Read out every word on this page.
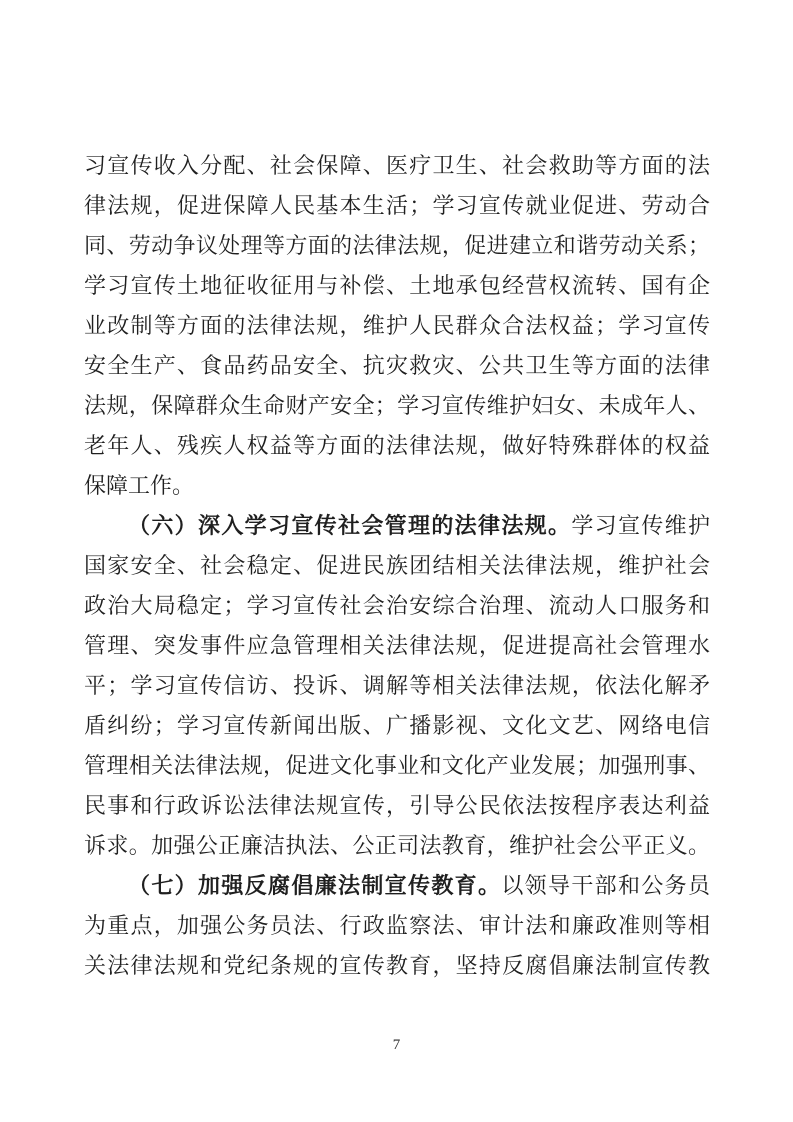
习宣传收入分配、社会保障、医疗卫生、社会救助等方面的法
律法规，促进保障人民基本生活；学习宣传就业促进、劳动合
同、劳动争议处理等方面的法律法规，促进建立和谐劳动关系；
学习宣传土地征收征用与补偿、土地承包经营权流转、国有企
业改制等方面的法律法规，维护人民群众合法权益；学习宣传
安全生产、食品药品安全、抗灾救灾、公共卫生等方面的法律
法规，保障群众生命财产安全；学习宣传维护妇女、未成年人、
老年人、残疾人权益等方面的法律法规，做好特殊群体的权益
保障工作。
（六）深入学习宣传社会管理的法律法规。学习宣传维护
国家安全、社会稳定、促进民族团结相关法律法规，维护社会
政治大局稳定；学习宣传社会治安综合治理、流动人口服务和
管理、突发事件应急管理相关法律法规，促进提高社会管理水
平；学习宣传信访、投诉、调解等相关法律法规，依法化解矛
盾纠纷；学习宣传新闻出版、广播影视、文化文艺、网络电信
管理相关法律法规，促进文化事业和文化产业发展；加强刑事、
民事和行政诉讼法律法规宣传，引导公民依法按程序表达利益
诉求。加强公正廉洁执法、公正司法教育，维护社会公平正义。
（七）加强反腐倡廉法制宣传教育。以领导干部和公务员
为重点，加强公务员法、行政监察法、审计法和廉政准则等相
关法律法规和党纪条规的宣传教育，坚持反腐倡廉法制宣传教
7
